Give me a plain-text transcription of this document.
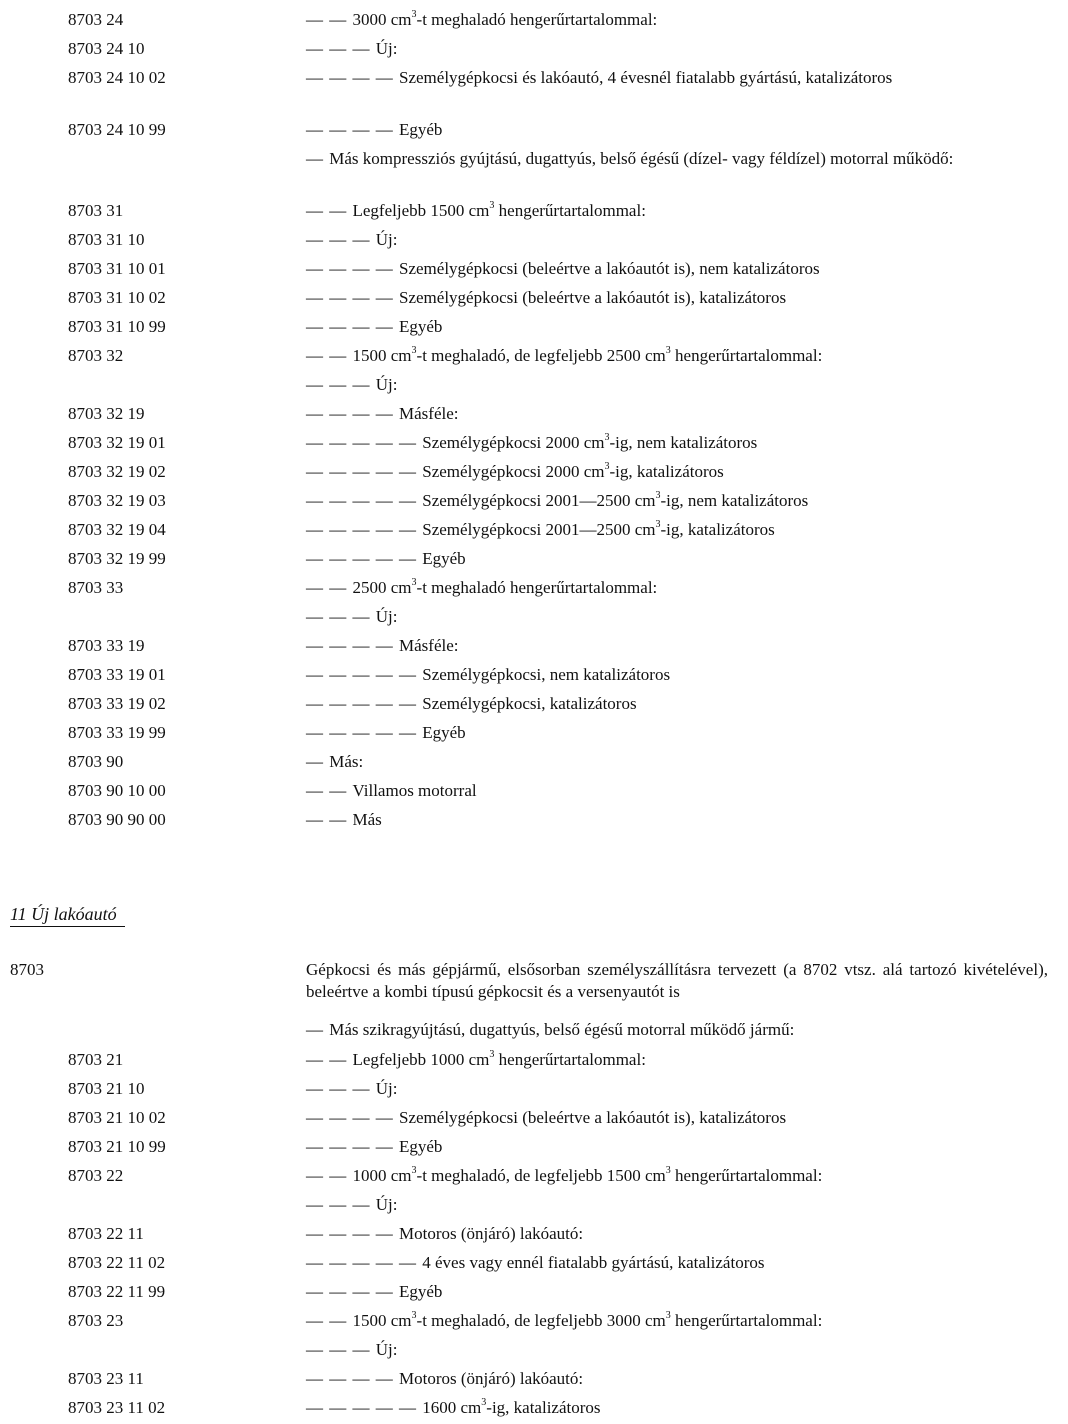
8703 24	— — 3000 $cm^3-t$ meghaladó hengerűrtartalommal:
8703 24 10	— — — Új:
8703 24 10 02	— — — — Személygépkocsi és lakóautó, 4 évesnél fiatalabb gyártású, katalizátoros
8703 24 10 99	— — — — Egyéb
— Más kompressziós gyújtású, dugattyús, belső égésű (dízel- vagy féldízel) motorral működő:
8703 31	— — Legfeljebb 1500 $cm^3$ hengerűrtartalommal:
8703 31 10	— — — Új:
8703 31 10 01	— — — — Személygépkocsi (beleértve a lakóautót is), nem katalizátoros
8703 31 10 02	— — — — Személygépkocsi (beleértve a lakóautót is), katalizátoros
8703 31 10 99	— — — — Egyéb
8703 32	— — 1500 $cm^3-t$ meghaladó, de legfeljebb 2500 $cm^3$ hengerűrtartalommal:
— — — Új:
8703 32 19	— — — — Másféle:
8703 32 19 01	— — — — — Személygépkocsi 2000 $cm^3-ig$, nem katalizátoros
8703 32 19 02	— — — — — Személygépkocsi 2000 $cm^3-ig$, katalizátoros
8703 32 19 03	— — — — — Személygépkocsi 2001—2500 $cm^3-ig$, nem katalizátoros
8703 32 19 04	— — — — — Személygépkocsi 2001—2500 $cm^3-ig$, katalizátoros
8703 32 19 99	— — — — — Egyéb
8703 33	— — 2500 $cm^3-t$ meghaladó hengerűrtartalommal:
— — — Új:
8703 33 19	— — — — Másféle:
8703 33 19 01	— — — — — Személygépkocsi, nem katalizátoros
8703 33 19 02	— — — — — Személygépkocsi, katalizátoros
8703 33 19 99	— — — — — Egyéb
8703 90	— Más:
8703 90 10 00	— — Villamos motorral
8703 90 90 00	— — Más
11 Új lakóautó
8703	Gépkocsi és más gépjármű, elsősorban személyszállításra tervezett (a 8702 vtsz. alá tartozó kivételével), beleértve a kombi típusú gépkocsit és a versenyautót is
— Más szikragyújtású, dugattyús, belső égésű motorral működő jármű:
8703 21	— — Legfeljebb 1000 $cm^3$ hengerűrtartalommal:
8703 21 10	— — — Új:
8703 21 10 02	— — — — Személygépkocsi (beleértve a lakóautót is), katalizátoros
8703 21 10 99	— — — — Egyéb
8703 22	— — 1000 $cm^3-t$ meghaladó, de legfeljebb 1500 $cm^3$ hengerűrtartalommal:
— — — Új:
8703 22 11	— — — — Motoros (önjáró) lakóautó:
8703 22 11 02	— — — — — 4 éves vagy ennél fiatalabb gyártású, katalizátoros
8703 22 11 99	— — — — Egyéb
8703 23	— — 1500 $cm^3-t$ meghaladó, de legfeljebb 3000 $cm^3$ hengerűrtartalommal:
— — — Új:
8703 23 11	— — — — Motoros (önjáró) lakóautó:
8703 23 11 02	— — — — — 1600 $cm^3-ig$, katalizátoros
